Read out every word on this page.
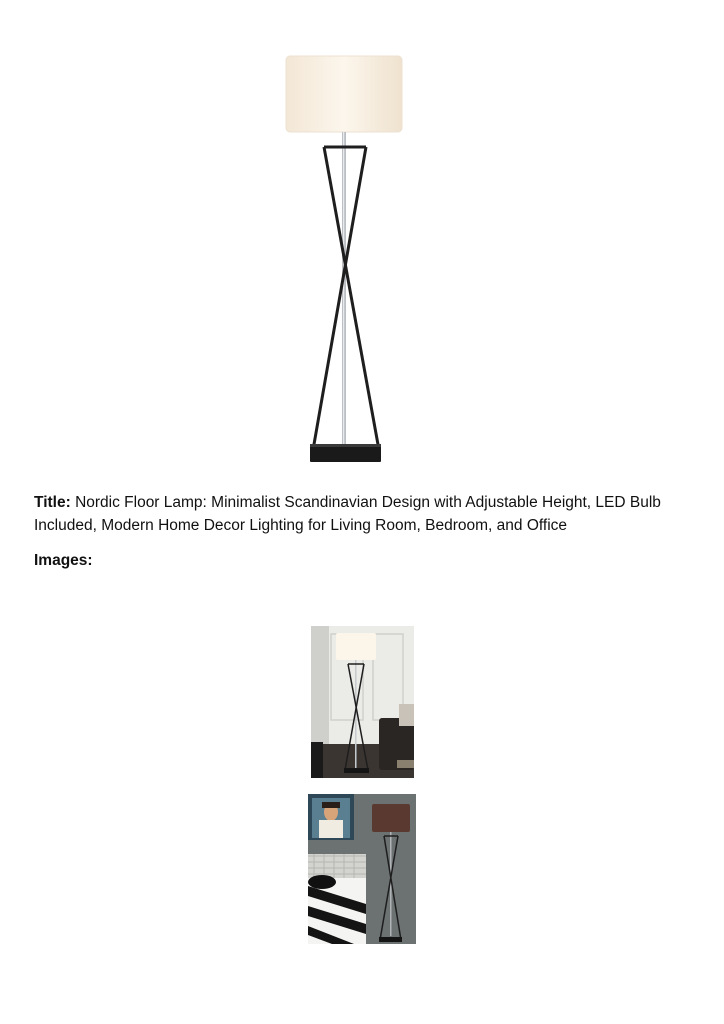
Title: Nordic Floor Lamp: Minimalist Scandinavian Design with Adjustable Height, LED Bulb Included, Modern Home Decor Lighting for Living Room, Bedroom, and Office
Images:
